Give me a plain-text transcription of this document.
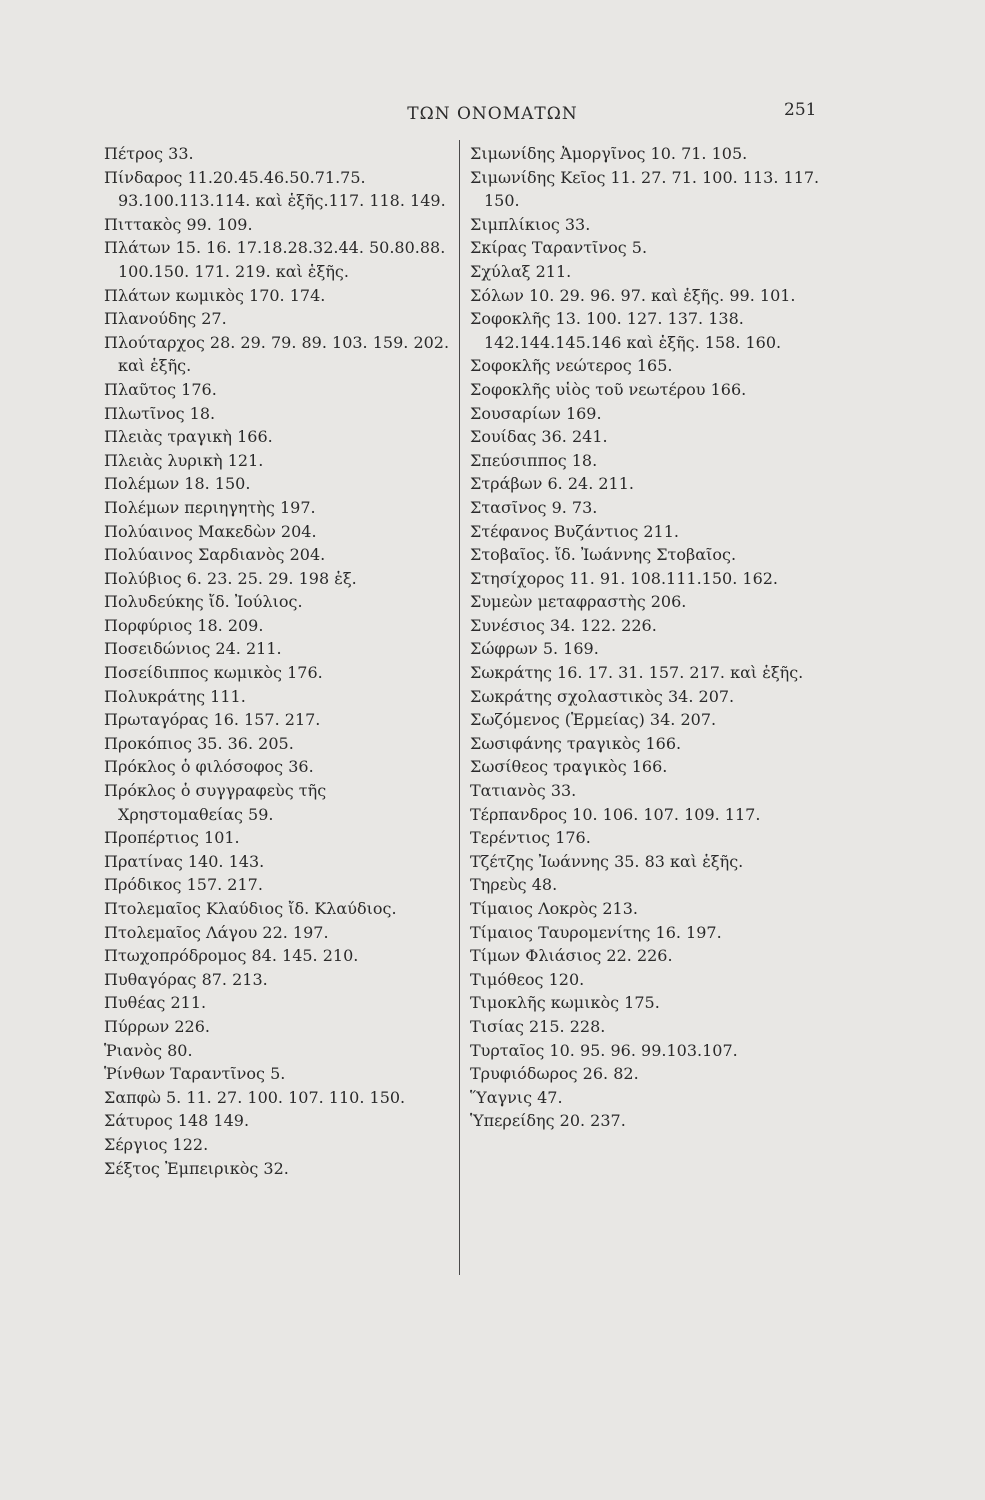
ΤΩΝ ΟΝΟΜΑΤΩΝ	251
Πέτρος 33.
Πίνδαρος 11.20.45.46.50.71.75. 93.100.113.114. καὶ ἑξῆς.117. 118. 149.
Πιττακὸς 99. 109.
Πλάτων 15. 16. 17.18.28.32.44. 50.80.88. 100.150. 171. 219. καὶ ἑξῆς.
Πλάτων κωμικὸς 170. 174.
Πλανούδης 27.
Πλούταρχος 28. 29. 79. 89. 103. 159. 202. καὶ ἑξῆς.
Πλαῦτος 176.
Πλωτῖνος 18.
Πλειὰς τραγικὴ 166.
Πλειὰς λυρικὴ 121.
Πολέμων 18. 150.
Πολέμων περιηγητὴς 197.
Πολύαινος Μακεδὼν 204.
Πολύαινος Σαρδιανὸς 204.
Πολύβιος 6. 23. 25. 29. 198 ἑξ.
Πολυδεύκης ἴδ. Ἰούλιος.
Πορφύριος 18. 209.
Ποσειδώνιος 24. 211.
Ποσείδιππος κωμικὸς 176.
Πολυκράτης 111.
Πρωταγόρας 16. 157. 217.
Προκόπιος 35. 36. 205.
Πρόκλος ὁ φιλόσοφος 36.
Πρόκλος ὁ συγγραφεὺς τῆς Χρηστομαθείας 59.
Προπέρτιος 101.
Πρατίνας 140. 143.
Πρόδικος 157. 217.
Πτολεμαῖος Κλαύδιος ἴδ. Κλαύδιος.
Πτολεμαῖος Λάγου 22. 197.
Πτωχοπρόδρομος 84. 145. 210.
Πυθαγόρας 87. 213.
Πυθέας 211.
Πύρρων 226.
Ῥιανὸς 80.
Ῥίνθων Ταραντῖνος 5.
Σαπφὼ 5. 11. 27. 100. 107. 110. 150.
Σάτυρος 148 149.
Σέργιος 122.
Σέξτος Ἐμπειρικὸς 32.
Σιμωνίδης Ἀμοργῖνος 10. 71. 105.
Σιμωνίδης Κεῖος 11. 27. 71. 100. 113. 117. 150.
Σιμπλίκιος 33.
Σκίρας Ταραντῖνος 5.
Σχύλαξ 211.
Σόλων 10. 29. 96. 97. καὶ ἑξῆς. 99. 101.
Σοφοκλῆς 13. 100. 127. 137. 138. 142.144.145.146 καὶ ἑξῆς. 158. 160.
Σοφοκλῆς νεώτερος 165.
Σοφοκλῆς υἱὸς τοῦ νεωτέρου 166.
Σουσαρίων 169.
Σουίδας 36. 241.
Σπεύσιππος 18.
Στράβων 6. 24. 211.
Στασῖνος 9. 73.
Στέφανος Βυζάντιος 211.
Στοβαῖος. ἴδ. Ἰωάννης Στοβαῖος.
Στησίχορος 11. 91. 108.111.150. 162.
Συμεὼν μεταφραστὴς 206.
Συνέσιος 34. 122. 226.
Σώφρων 5. 169.
Σωκράτης 16. 17. 31. 157. 217. καὶ ἑξῆς.
Σωκράτης σχολαστικὸς 34. 207.
Σωζόμενος (Ἑρμείας) 34. 207.
Σωσιφάνης τραγικὸς 166.
Σωσίθεος τραγικὸς 166.
Τατιανὸς 33.
Τέρπανδρος 10. 106. 107. 109. 117.
Τερέντιος 176.
Τζέτζης Ἰωάννης 35. 83 καὶ ἑξῆς.
Τηρεὺς 48.
Τίμαιος Λοκρὸς 213.
Τίμαιος Ταυρομενίτης 16. 197.
Τίμων Φλιάσιος 22. 226.
Τιμόθεος 120.
Τιμοκλῆς κωμικὸς 175.
Τισίας 215. 228.
Τυρταῖος 10. 95. 96. 99.103.107.
Τρυφιόδωρος 26. 82.
Ὕαγνις 47.
Ὑπερείδης 20. 237.
